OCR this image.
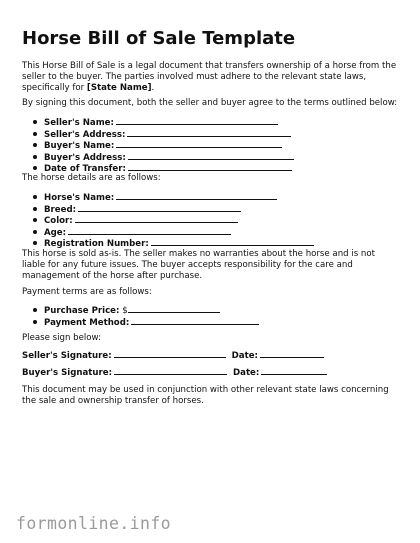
Horse Bill of Sale Template

This Horse Bill of Sale is a legal document that transfers ownership of a horse from the seller to the buyer. The parties involved must adhere to the relevant state laws, specifically for [State Name].

By signing this document, both the seller and buyer agree to the terms outlined below:

Seller's Name:
Seller's Address:
Buyer's Name:
Buyer's Address:
Date of Transfer:

The horse details are as follows:

Horse's Name:
Breed:
Color:
Age:
Registration Number:

This horse is sold as-is. The seller makes no warranties about the horse and is not liable for any future issues. The buyer accepts responsibility for the care and management of the horse after purchase.

Payment terms are as follows:

Purchase Price: $
Payment Method:

Please sign below:

Seller's Signature:	Date:

Buyer's Signature:	Date:

This document may be used in conjunction with other relevant state laws concerning the sale and ownership transfer of horses.

formonline.info
